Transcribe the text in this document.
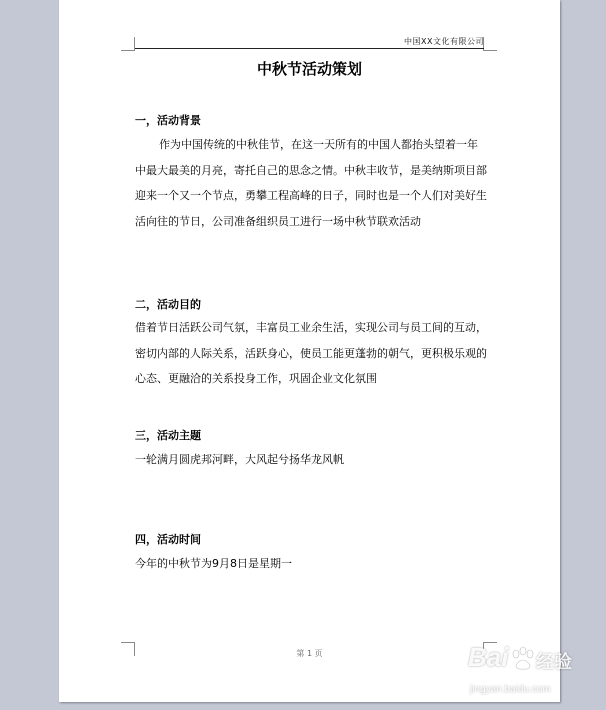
中国XX文化有限公司
中秋节活动策划
一，活动背景
作为中国传统的中秋佳节，在这一天所有的中国人都抬头望着一年中最大最美的月亮，寄托自己的思念之情。中秋丰收节，是美纳斯项目部迎来一个又一个节点，勇攀工程高峰的日子，同时也是一个人们对美好生活向往的节日，公司准备组织员工进行一场中秋节联欢活动
二，活动目的
借着节日活跃公司气氛，丰富员工业余生活，实现公司与员工间的互动，密切内部的人际关系，活跃身心，使员工能更蓬勃的朝气，更积极乐观的心态、更融洽的关系投身工作，巩固企业文化氛围
三，活动主题
一轮满月圆虎邦河畔，大风起兮扬华龙风帆
四，活动时间
今年的中秋节为9月8日是星期一
第 1 页	Bai 经验
jingyan.baidu.com
